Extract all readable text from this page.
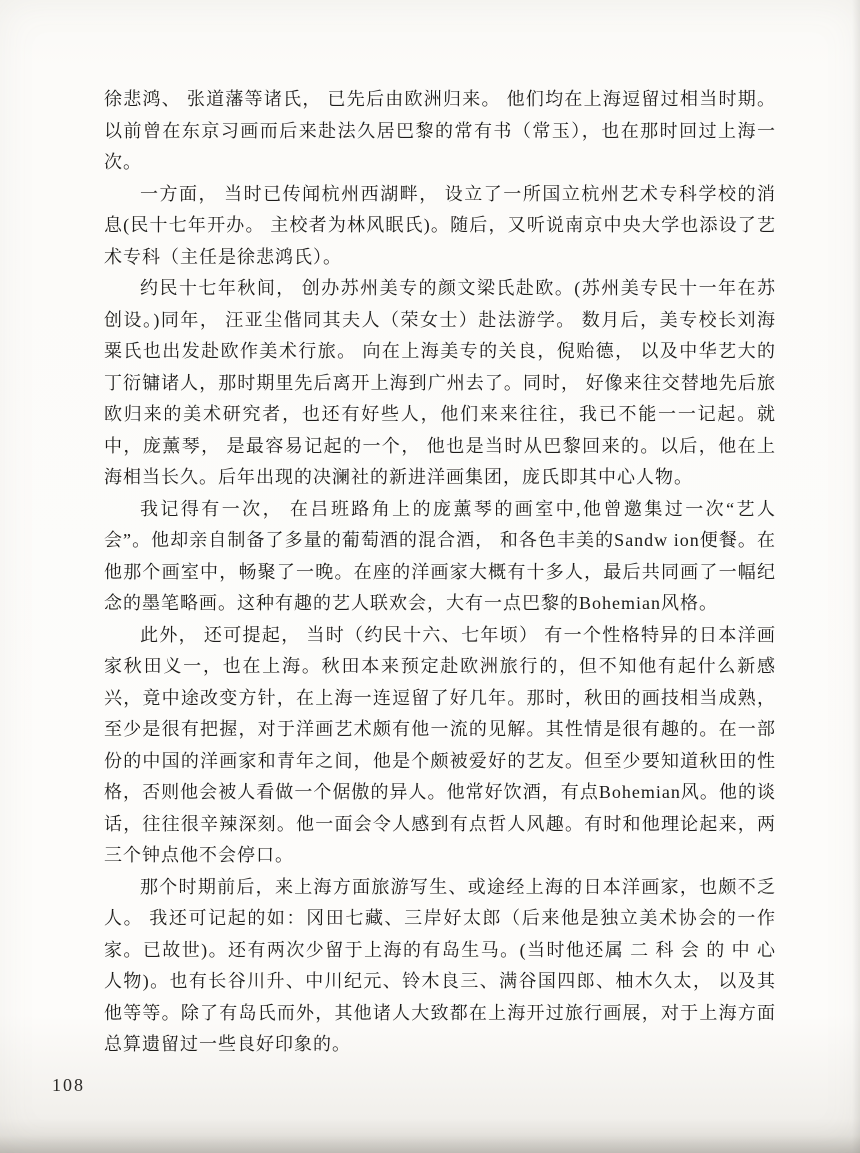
徐悲鸿、 张道藩等诸氏， 已先后由欧洲归来。 他们均在上海逗留过相当时期。 以前曾在东京习画而后来赴法久居巴黎的常有书（常玉），也在那时回过上海一次。

一方面， 当时已传闻杭州西湖畔， 设立了一所国立杭州艺术专科学校的消息(民十七年开办。 主校者为林风眠氏)。随后，又听说南京中央大学也添设了艺术专科（主任是徐悲鸿氏）。

约民十七年秋间， 创办苏州美专的颜文梁氏赴欧。(苏州美专民十一年在苏创设。)同年， 汪亚尘偕同其夫人（荣女士）赴法游学。 数月后，美专校长刘海粟氏也出发赴欧作美术行旅。 向在上海美专的关良，倪贻德， 以及中华艺大的丁衍镛诸人，那时期里先后离开上海到广州去了。同时， 好像来往交替地先后旅欧归来的美术研究者，也还有好些人，他们来来往往，我已不能一一记起。就中，庞薰琴， 是最容易记起的一个， 他也是当时从巴黎回来的。以后，他在上海相当长久。后年出现的决澜社的新进洋画集团，庞氏即其中心人物。

我记得有一次， 在吕班路角上的庞薰琴的画室中,他曾邀集过一次“艺人会”。他却亲自制备了多量的葡萄酒的混合酒， 和各色丰美的Sandw ion便餐。在他那个画室中，畅聚了一晚。在座的洋画家大概有十多人，最后共同画了一幅纪念的墨笔略画。这种有趣的艺人联欢会，大有一点巴黎的Bohemian风格。

此外， 还可提起， 当时（约民十六、七年顷） 有一个性格特异的日本洋画家秋田义一，也在上海。秋田本来预定赴欧洲旅行的，但不知他有起什么新感兴，竟中途改变方针，在上海一连逗留了好几年。那时，秋田的画技相当成熟，至少是很有把握，对于洋画艺术颇有他一流的见解。其性情是很有趣的。在一部份的中国的洋画家和青年之间，他是个颇被爱好的艺友。但至少要知道秋田的性格，否则他会被人看做一个倨傲的异人。他常好饮酒，有点Bohemian风。他的谈话，往往很辛辣深刻。他一面会令人感到有点哲人风趣。有时和他理论起来，两三个钟点他不会停口。

那个时期前后，来上海方面旅游写生、或途经上海的日本洋画家，也颇不乏人。 我还可记起的如：冈田七藏、三岸好太郎（后来他是独立美术协会的一作家。已故世)。还有两次少留于上海的有岛生马。(当时他还属 二 科 会 的 中 心人物)。也有长谷川升、中川纪元、铃木良三、满谷国四郎、柚木久太， 以及其他等等。除了有岛氏而外，其他诸人大致都在上海开过旅行画展，对于上海方面总算遗留过一些良好印象的。

108
